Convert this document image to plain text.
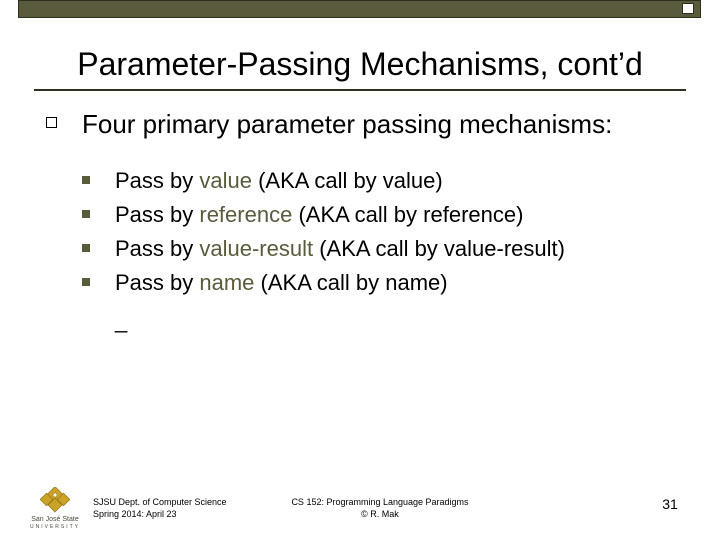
Parameter-Passing Mechanisms, cont’d
Four primary parameter passing mechanisms:
Pass by value (AKA call by value)
Pass by reference (AKA call by reference)
Pass by value-result (AKA call by value-result)
Pass by name (AKA call by name)
_
San José State
UNIVERSITY
SJSU Dept. of Computer Science
Spring 2014: April 23
CS 152: Programming Language Paradigms
© R. Mak
31
